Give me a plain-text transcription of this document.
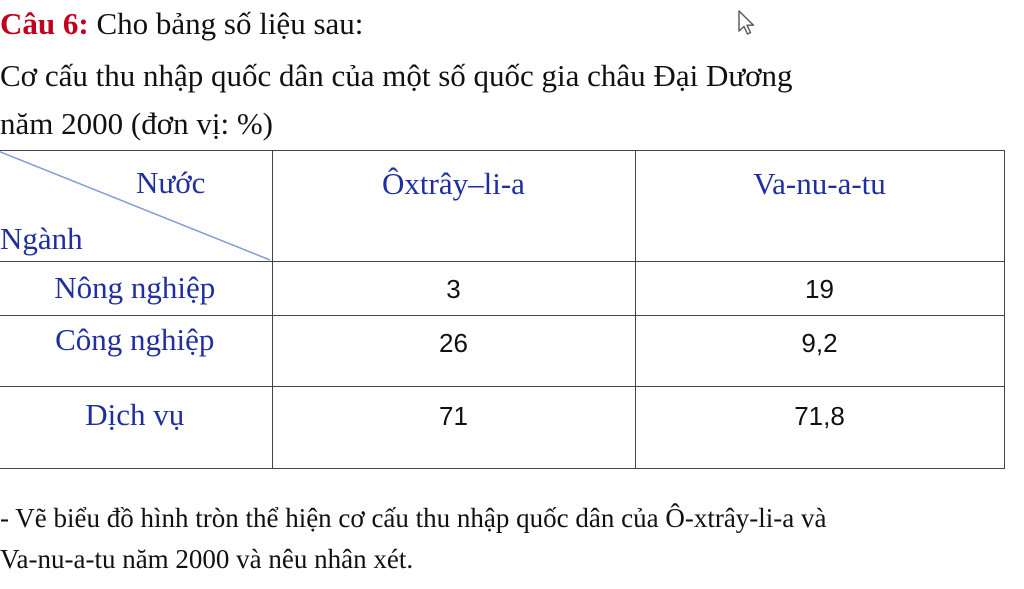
Câu 6: Cho bảng số liệu sau:
Cơ cấu thu nhập quốc dân của một số quốc gia châu Đại Dương
năm 2000 (đơn vị: %)
Nước
Ngành	Ôxtrây–li-a	Va-nu-a-tu
Nông nghiệp	3	19
Công nghiệp	26	9,2
Dịch vụ	71	71,8
- Vẽ biểu đồ hình tròn thể hiện cơ cấu thu nhập quốc dân của Ô-xtrây-li-a và
Va-nu-a-tu năm 2000 và nêu nhân xét.
